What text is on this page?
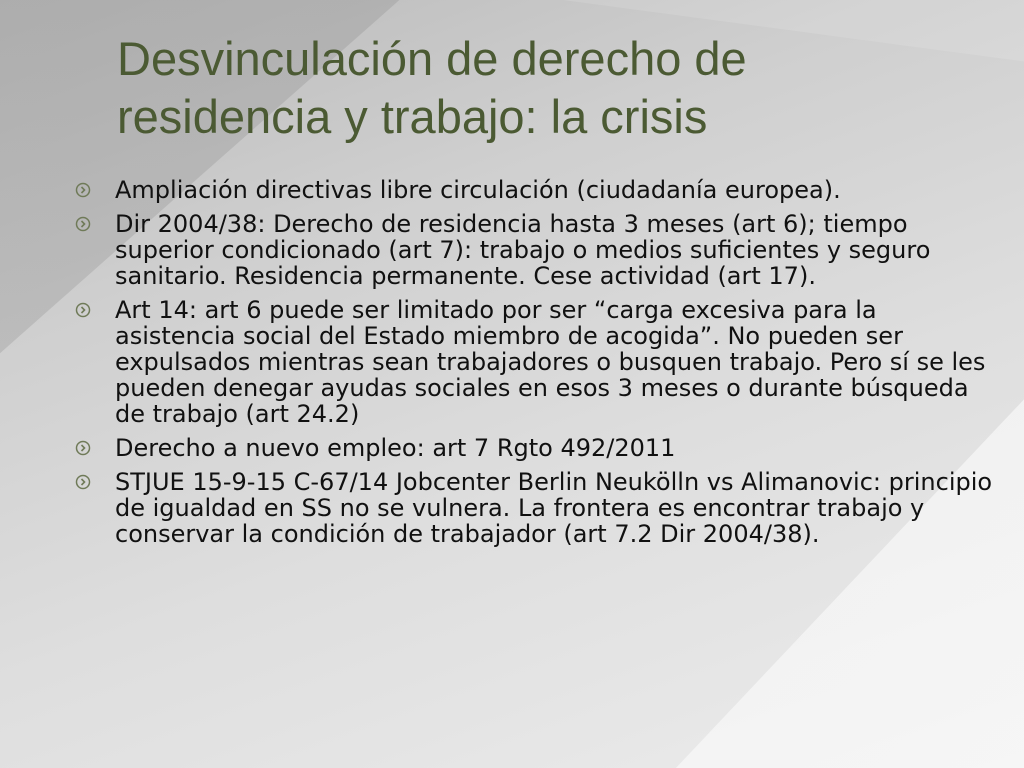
Desvinculación de derecho de
residencia y trabajo: la crisis
Ampliación directivas libre circulación (ciudadanía europea).
Dir 2004/38: Derecho de residencia hasta 3 meses (art 6); tiempo superior condicionado (art 7): trabajo o medios suficientes y seguro sanitario. Residencia permanente. Cese actividad (art 17).
Art 14: art 6 puede ser limitado por ser “carga excesiva para la asistencia social del Estado miembro de acogida”. No pueden ser expulsados mientras sean trabajadores o busquen trabajo. Pero sí se les pueden denegar ayudas sociales en esos 3 meses o durante búsqueda de trabajo (art 24.2)
Derecho a nuevo empleo: art 7 Rgto 492/2011
STJUE 15-9-15 C-67/14 Jobcenter Berlin Neukölln vs Alimanovic: principio de igualdad en SS no se vulnera. La frontera es encontrar trabajo y conservar la condición de trabajador (art 7.2 Dir 2004/38).
